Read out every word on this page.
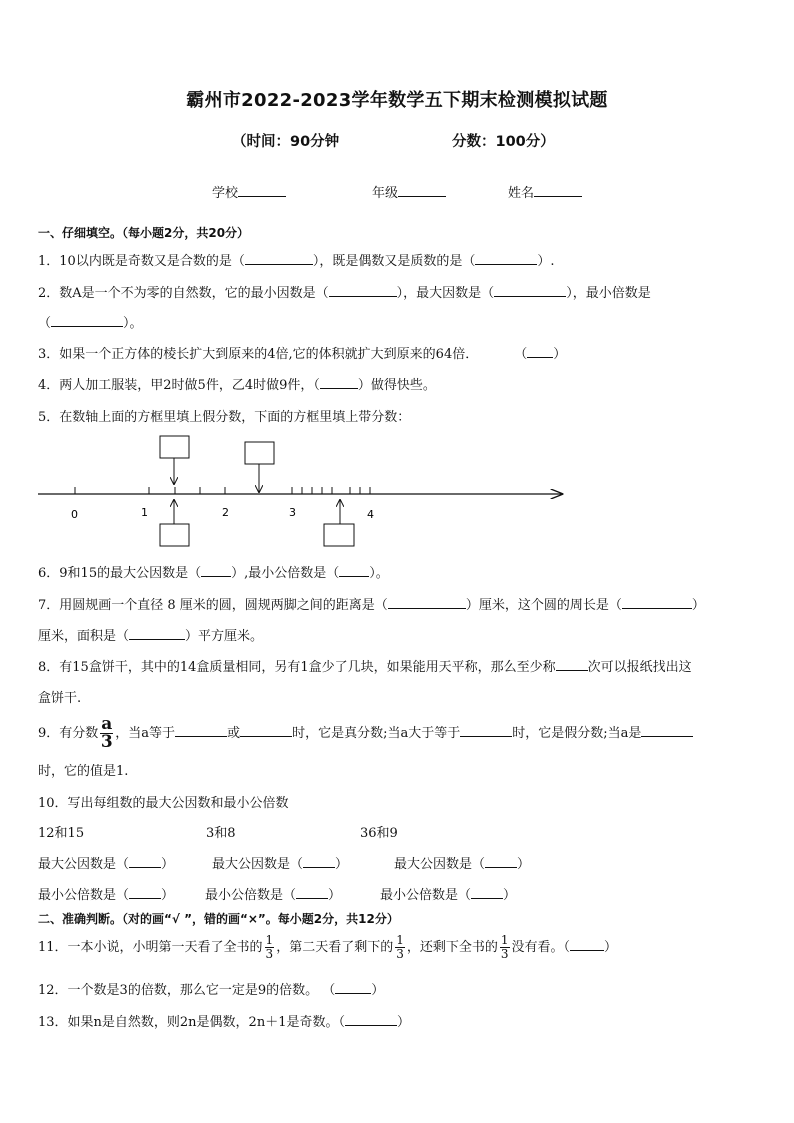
霸州市2022-2023学年数学五下期末检测模拟试题
（时间：90分钟	分数：100分）
学校	年级	姓名
一、仔细填空。（每小题2分，共20分）
1．10以内既是奇数又是合数的是（	），既是偶数又是质数的是（	）.
2．数A是一个不为零的自然数，它的最小因数是（	），最大因数是（	），最小倍数是
（	）。
3．如果一个正方体的棱长扩大到原来的4倍,它的体积就扩大到原来的64倍．	（ ）
4．两人加工服装，甲2时做5件，乙4时做9件，（	）做得快些。
5．在数轴上面的方框里填上假分数，下面的方框里填上带分数：
0	1	2	3	4
6．9和15的最大公因数是（ ）,最小公倍数是（ ）。
7．用圆规画一个直径 8 厘米的圆，圆规两脚之间的距离是（	）厘米，这个圆的周长是（	）
厘米，面积是（	）平方厘米。
8．有15盒饼干，其中的14盒质量相同，另有1盒少了几块，如果能用天平称，那么至少称 次可以报纸找出这
盒饼干.
9．有分数 $\frac{a}{3}$ ，当a等于	或	时，它是真分数;当a大于等于	时，它是假分数;当a是
时，它的值是1.
10．写出每组数的最大公因数和最小公倍数
12和15	3和8	36和9
最大公因数是（ ）	最大公因数是（ ）	最大公因数是（ ）
最小公倍数是（ ） 最小公倍数是（ ）	最小公倍数是（ ）
二、准确判断。（对的画“√ ”，错的画“×”。每小题2分，共12分）
11．一本小说，小明第一天看了全书的 $\frac{1}{3}$ ，第二天看了剩下的 $\frac{1}{3}$ ，还剩下全书的 $\frac{1}{3}$ 没有看。（	）
12．一个数是3的倍数，那么它一定是9的倍数。 （	）
13．如果n是自然数，则2n是偶数，2n＋1是奇数。（	）
